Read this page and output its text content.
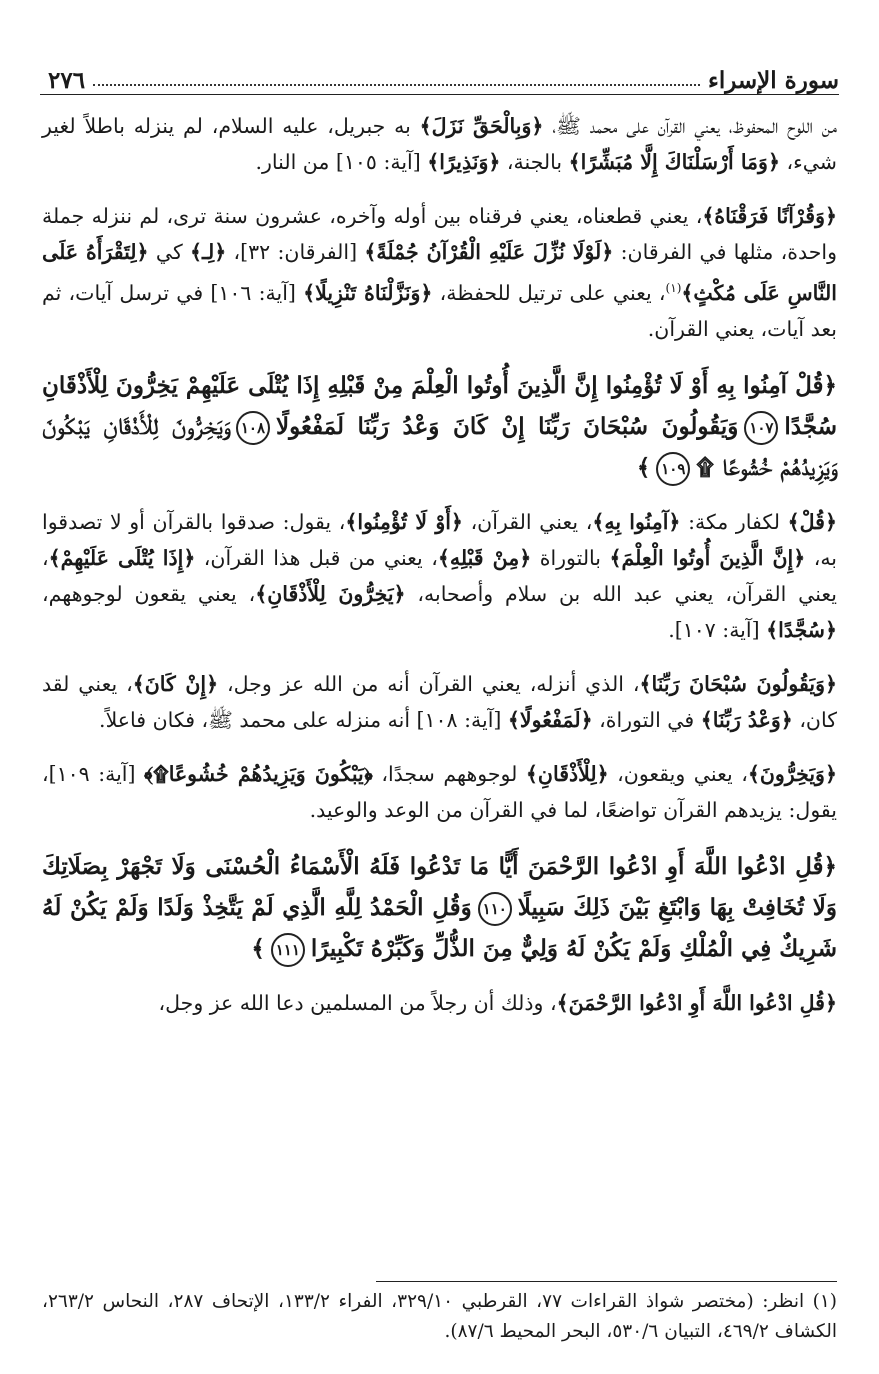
سورة الإسراء
٢٧٦

من اللوح المحفوظ، يعني القرآن على محمد ﷺ، ﴿وَبِالْحَقِّ نَزَلَ﴾ به جبريل، عليه السلام، لم ينزله باطلاً لغير شيء، ﴿وَمَا أَرْسَلْنَاكَ إِلَّا مُبَشِّرًا﴾ بالجنة، ﴿وَنَذِيرًا﴾ [آية: ١٠٥] من النار.

﴿وَقُرْآنًا فَرَقْنَاهُ﴾، يعني قطعناه، يعني فرقناه بين أوله وآخره، عشرون سنة ترى، لم ننزله جملة واحدة، مثلها في الفرقان: ﴿لَوْلَا نُزِّلَ عَلَيْهِ الْقُرْآنُ جُمْلَةً﴾ [الفرقان: ٣٢]، ﴿لِـ﴾ كي ﴿لِتَقْرَأَهُ عَلَى النَّاسِ عَلَى مُكْثٍ﴾$^{(١)}$، يعني على ترتيل للحفظة، ﴿وَنَزَّلْنَاهُ تَنْزِيلًا﴾ [آية: ١٠٦] في ترسل آيات، ثم بعد آيات، يعني القرآن.

﴿قُلْ آمِنُوا بِهِ أَوْ لَا تُؤْمِنُوا إِنَّ الَّذِينَ أُوتُوا الْعِلْمَ مِنْ قَبْلِهِ إِذَا يُتْلَى عَلَيْهِمْ يَخِرُّونَ لِلْأَذْقَانِ سُجَّدًا١٠٧وَيَقُولُونَ سُبْحَانَ رَبِّنَا إِنْ كَانَ وَعْدُ رَبِّنَا لَمَفْعُولًا١٠٨وَيَخِرُّونَ لِلْأَذْقَانِ يَبْكُونَ وَيَزِيدُهُمْ خُشُوعًا ۩١٠٩﴾

﴿قُلْ﴾ لكفار مكة: ﴿آمِنُوا بِهِ﴾، يعني القرآن، ﴿أَوْ لَا تُؤْمِنُوا﴾، يقول: صدقوا بالقرآن أو لا تصدقوا به، ﴿إِنَّ الَّذِينَ أُوتُوا الْعِلْمَ﴾ بالتوراة ﴿مِنْ قَبْلِهِ﴾، يعني من قبل هذا القرآن، ﴿إِذَا يُتْلَى عَلَيْهِمْ﴾، يعني القرآن، يعني عبد الله بن سلام وأصحابه، ﴿يَخِرُّونَ لِلْأَذْقَانِ﴾، يعني يقعون لوجوههم، ﴿سُجَّدًا﴾ [آية: ١٠٧].

﴿وَيَقُولُونَ سُبْحَانَ رَبِّنَا﴾، الذي أنزله، يعني القرآن أنه من الله عز وجل، ﴿إِنْ كَانَ﴾، يعني لقد كان، ﴿وَعْدُ رَبِّنَا﴾ في التوراة، ﴿لَمَفْعُولًا﴾ [آية: ١٠٨] أنه منزله على محمد ﷺ، فكان فاعلاً.

﴿وَيَخِرُّونَ﴾، يعني ويقعون، ﴿لِلْأَذْقَانِ﴾ لوجوههم سجدًا، ﴿يَبْكُونَ وَيَزِيدُهُمْ خُشُوعًا۩﴾ [آية: ١٠٩]، يقول: يزيدهم القرآن تواضعًا، لما في القرآن من الوعد والوعيد.

﴿قُلِ ادْعُوا اللَّهَ أَوِ ادْعُوا الرَّحْمَنَ أَيًّا مَا تَدْعُوا فَلَهُ الْأَسْمَاءُ الْحُسْنَى وَلَا تَجْهَرْ بِصَلَاتِكَ وَلَا تُخَافِتْ بِهَا وَابْتَغِ بَيْنَ ذَلِكَ سَبِيلًا١١٠وَقُلِ الْحَمْدُ لِلَّهِ الَّذِي لَمْ يَتَّخِذْ وَلَدًا وَلَمْ يَكُنْ لَهُ شَرِيكٌ فِي الْمُلْكِ وَلَمْ يَكُنْ لَهُ وَلِيٌّ مِنَ الذُّلِّ وَكَبِّرْهُ تَكْبِيرًا١١١﴾

﴿قُلِ ادْعُوا اللَّهَ أَوِ ادْعُوا الرَّحْمَنَ﴾، وذلك أن رجلاً من المسلمين دعا الله عز وجل،

(١) انظر: (مختصر شواذ القراءات ٧٧، القرطبي ٣٢٩/١٠، الفراء ١٣٣/٢، الإتحاف ٢٨٧، النحاس ٢٦٣/٢، الكشاف ٤٦٩/٢، التبيان ٥٣٠/٦، البحر المحيط ٨٧/٦).
